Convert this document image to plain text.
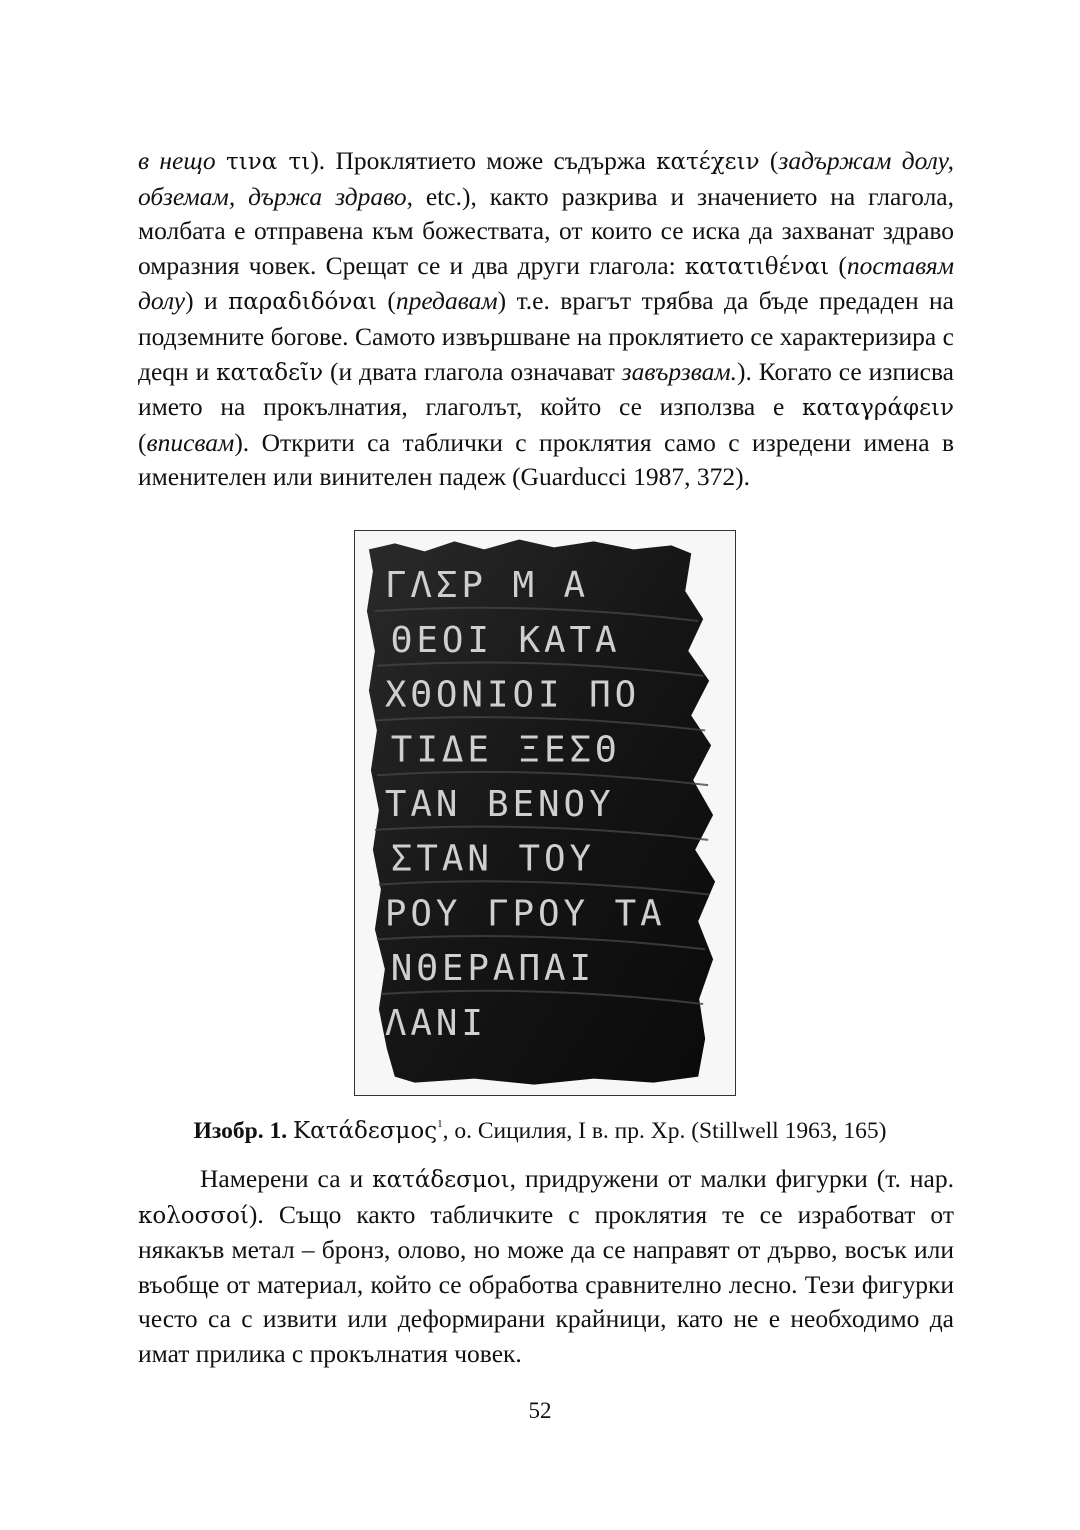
в нещо τινα τι). Проклятието може съдържа κατέχειν (задържам долу, обземам, държа здраво, etc.), както разкрива и значението на глагола, молбата е отправена към божествата, от които се иска да захванат здраво омразния човек. Срещат се и два други глагола: κατατιθέναι (поставям долу) и παραδιδόναι (предавам) т.е. врагът трябва да бъде предаден на подземните богове. Самото извършване на проклятието се характеризира с деqн и καταδεῖν (и двата глагола означават завързвам.). Когато се изписва името на прокълнатия, глаголът, който се използва е καταγράφειν (вписвам). Открити са таблички с проклятия само с изредени имена в именителен или винителен падеж (Guarducci 1987, 372).
ΓΛΣΡ Μ Α
ΘΕΟΙ ΚΑΤΑ
ΧΘΟΝΙΟΙ ΠΟ
ΤΙΔΕ ΞΕΣΘ
ΤΑΝ ΒΕΝΟΥ
ΣΤΑΝ ΤΟΥ
ΡΟΥ ΓΡΟΥ ΤΑ
ΝΘΕΡΑΠΑΙ
ΛΑΝΙ
Изобр. 1. Κατάδεσμος$^1$, о. Сицилия, I в. пр. Хр. (Stillwell 1963, 165)
Намерени са и κατάδεσμοι, придружени от малки фигурки (т. нар. κολοσσοί). Също както табличките с проклятия те се изработват от някакъв метал – бронз, олово, но може да се направят от дърво, восък или въобще от материал, който се обработва сравнително лесно. Тези фигурки често са с извити или деформирани крайници, като не е необходимо да имат прилика с прокълнатия човек.
52
